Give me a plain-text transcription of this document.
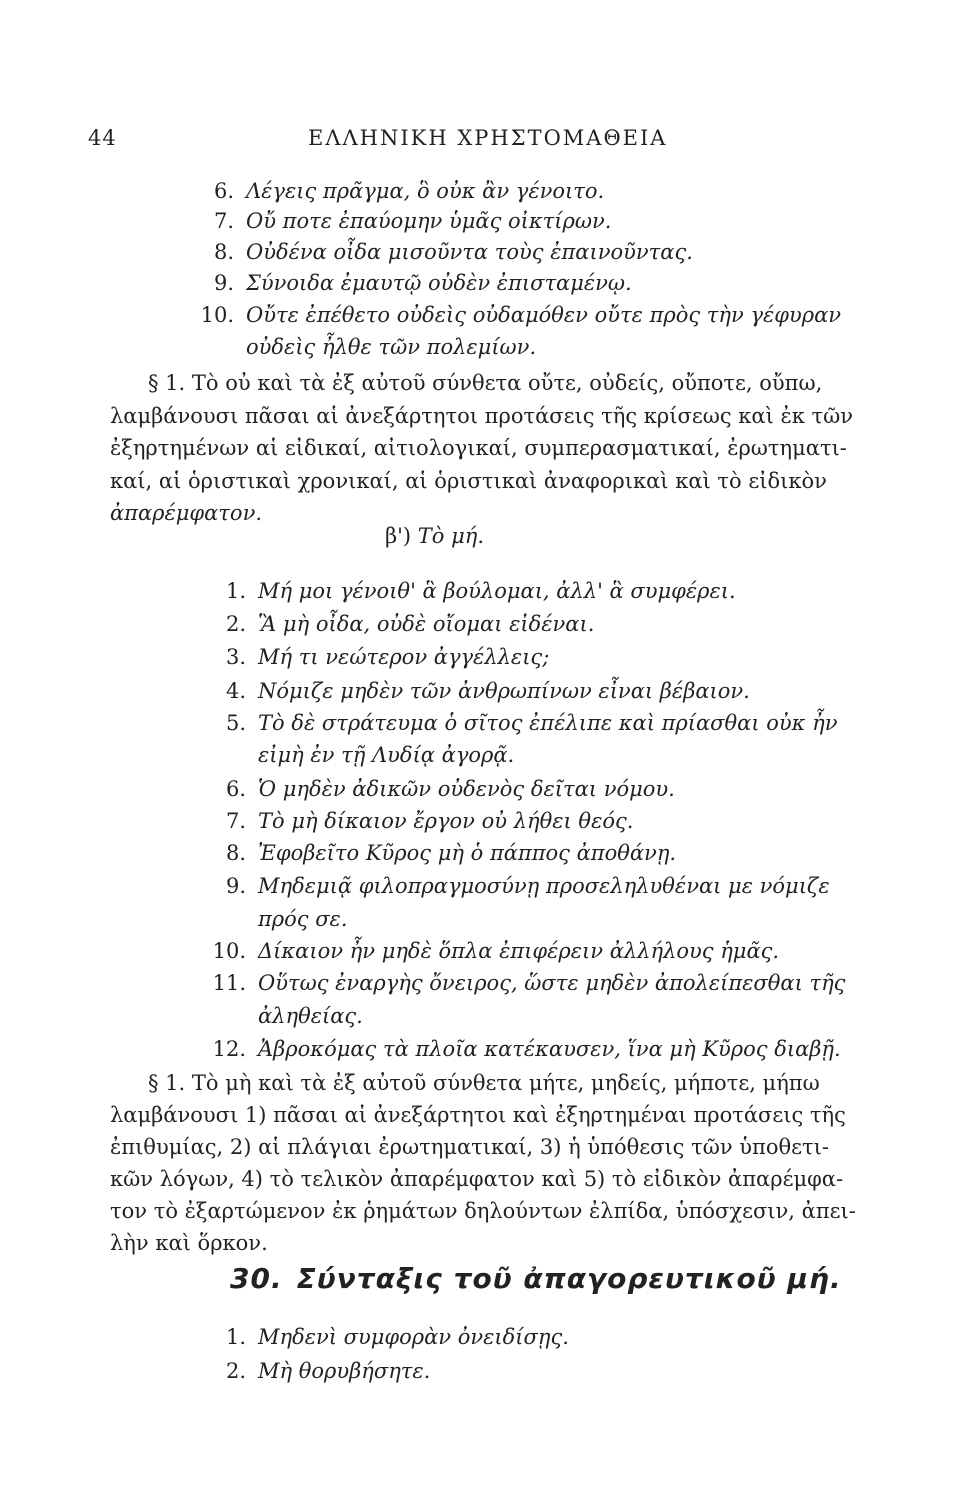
44	ΕΛΛΗΝΙΚΗ ΧΡΗΣΤΟΜΑΘΕΙΑ
6. Λέγεις πρᾶγμα, ὃ οὐκ ἂν γένοιτο.
7. Οὔ ποτε ἐπαύομην ὑμᾶς οἰκτίρων.
8. Οὐδένα οἶδα μισοῦντα τοὺς ἐπαινοῦντας.
9. Σύνοιδα ἐμαυτῷ οὐδὲν ἐπισταμένῳ.
10. Οὔτε ἐπέθετο οὐδεὶς οὐδαμόθεν οὔτε πρὸς τὴν γέφυραν
οὐδεὶς ἦλθε τῶν πολεμίων.
§ 1. Τὸ οὐ καὶ τὰ ἐξ αὐτοῦ σύνθετα οὔτε, οὐδείς, οὔποτε, οὔπω,
λαμβάνουσι πᾶσαι αἱ ἀνεξάρτητοι προτάσεις τῆς κρίσεως καὶ ἐκ τῶν
ἐξηρτημένων αἱ εἰδικαί, αἰτιολογικαί, συμπερασματικαί, ἐρωτηματι-
καί, αἱ ὁριστικαὶ χρονικαί, αἱ ὁριστικαὶ ἀναφορικαὶ καὶ τὸ εἰδικὸν
ἀπαρέμφατον.
β') Τὸ μή.
1. Μή μοι γένοιθ' ἃ βούλομαι, ἀλλ' ἃ συμφέρει.
2. Ἃ μὴ οἶδα, οὐδὲ οἴομαι εἰδέναι.
3. Μή τι νεώτερον ἀγγέλλεις;
4. Νόμιζε μηδὲν τῶν ἀνθρωπίνων εἶναι βέβαιον.
5. Τὸ δὲ στράτευμα ὁ σῖτος ἐπέλιπε καὶ πρίασθαι οὐκ ἦν
εἰμὴ ἐν τῇ Λυδίᾳ ἀγορᾷ.
6. Ὁ μηδὲν ἀδικῶν οὐδενὸς δεῖται νόμου.
7. Τὸ μὴ δίκαιον ἔργον οὐ λήθει θεός.
8. Ἐφοβεῖτο Κῦρος μὴ ὁ πάππος ἀποθάνῃ.
9. Μηδεμιᾷ φιλοπραγμοσύνῃ προσεληλυθέναι με νόμιζε
πρός σε.
10. Δίκαιον ἦν μηδὲ ὅπλα ἐπιφέρειν ἀλλήλους ἡμᾶς.
11. Οὕτως ἐναργὴς ὄνειρος, ὥστε μηδὲν ἀπολείπεσθαι τῆς
ἀληθείας.
12. Ἀβροκόμας τὰ πλοῖα κατέκαυσεν, ἵνα μὴ Κῦρος διαβῇ.
§ 1. Τὸ μὴ καὶ τὰ ἐξ αὐτοῦ σύνθετα μήτε, μηδείς, μήποτε, μήπω
λαμβάνουσι 1) πᾶσαι αἱ ἀνεξάρτητοι καὶ ἐξηρτημέναι προτάσεις τῆς
ἐπιθυμίας, 2) αἱ πλάγιαι ἐρωτηματικαί, 3) ἡ ὑπόθεσις τῶν ὑποθετι-
κῶν λόγων, 4) τὸ τελικὸν ἀπαρέμφατον καὶ 5) τὸ εἰδικὸν ἀπαρέμφα-
τον τὸ ἐξαρτώμενον ἐκ ῥημάτων δηλούντων ἐλπίδα, ὑπόσχεσιν, ἀπει-
λὴν καὶ ὅρκον.
30. Σύνταξις τοῦ ἀπαγορευτικοῦ μή.
1. Μηδενὶ συμφορὰν ὀνειδίσῃς.
2. Μὴ θορυβήσητε.
